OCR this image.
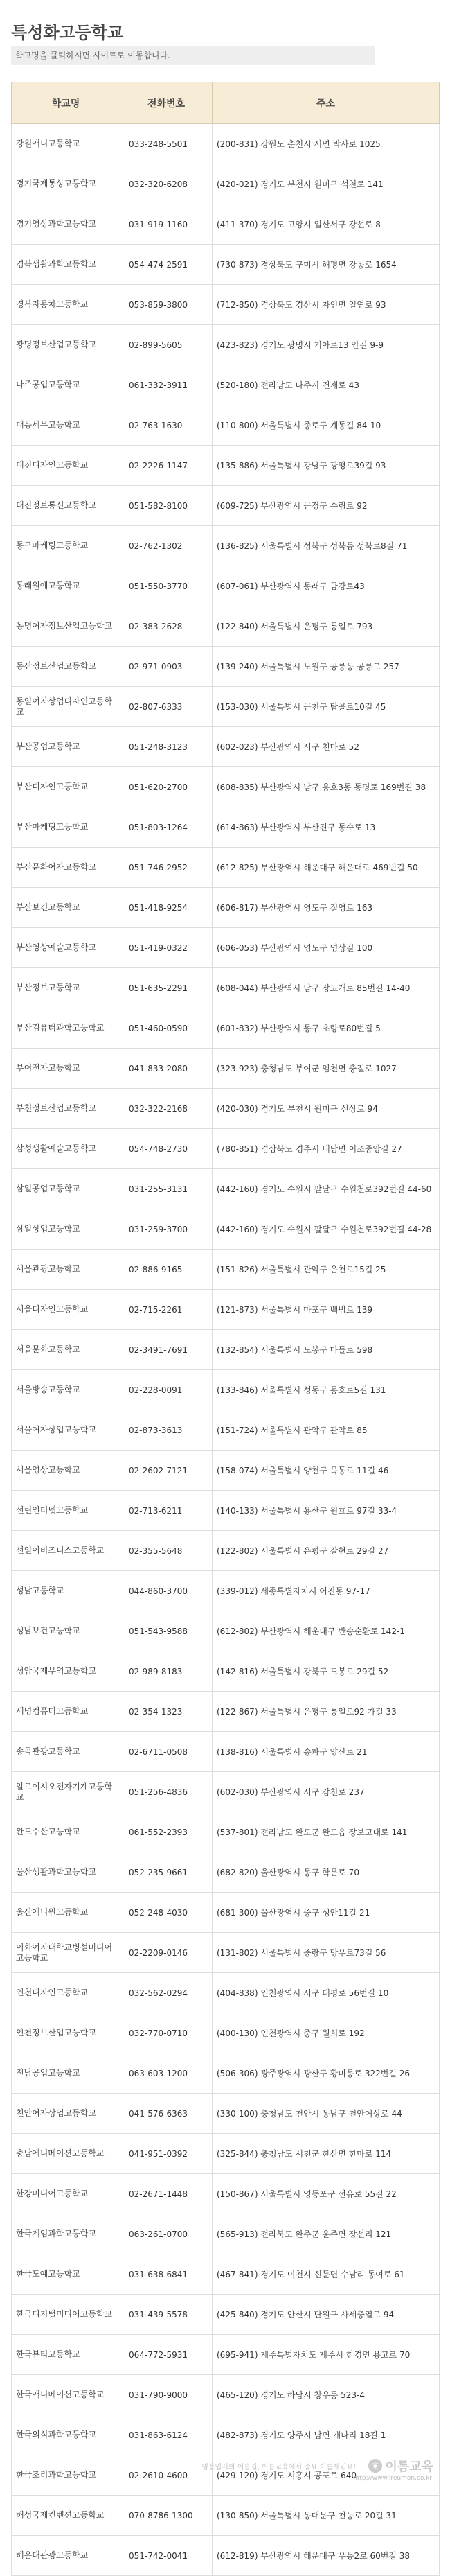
특성화고등학교
학교명을 클릭하시면 사이트로 이동합니다.
학교명	전화번호	주소
강원애니고등학교	033-248-5501	(200-831) 강원도 춘천시 서면 박사로 1025
경기국제통상고등학교	032-320-6208	(420-021) 경기도 부천시 원미구 석천로 141
경기영상과학고등학교	031-919-1160	(411-370) 경기도 고양시 일산서구 강선로 8
경북생활과학고등학교	054-474-2591	(730-873) 경상북도 구미시 해평면 강동로 1654
경북자동차고등학교	053-859-3800	(712-850) 경상북도 경산시 자인면 일연로 93
광명정보산업고등학교	02-899-5605	(423-823) 경기도 광명시 기아로13 안길 9-9
나주공업고등학교	061-332-3911	(520-180) 전라남도 나주시 건재로 43
대동세무고등학교	02-763-1630	(110-800) 서울특별시 종로구 계동길 84-10
대진디자인고등학교	02-2226-1147	(135-886) 서울특별시 강남구 광평로39길 93
대진정보통신고등학교	051-582-8100	(609-725) 부산광역시 금정구 수림로 92
동구마케팅고등학교	02-762-1302	(136-825) 서울특별시 성북구 성북동 성북로8길 71
동래원예고등학교	051-550-3770	(607-061) 부산광역시 동래구 금강로43
동명여자정보산업고등학교	02-383-2628	(122-840) 서울특별시 은평구 통일로 793
동산정보산업고등학교	02-971-0903	(139-240) 서울특별시 노원구 공릉동 공릉로 257
동일여자상업디자인고등학교	02-807-6333	(153-030) 서울특별시 금천구 탑골로10길 45
부산공업고등학교	051-248-3123	(602-023) 부산광역시 서구 천마로 52
부산디자인고등학교	051-620-2700	(608-835) 부산광역시 남구 용호3동 동명로 169번길 38
부산마케팅고등학교	051-803-1264	(614-863) 부산광역시 부산진구 동수로 13
부산문화여자고등학교	051-746-2952	(612-825) 부산광역시 해운대구 해운대로 469번길 50
부산보건고등학교	051-418-9254	(606-817) 부산광역시 영도구 절영로 163
부산영상예술고등학교	051-419-0322	(606-053) 부산광역시 영도구 영상길 100
부산정보고등학교	051-635-2291	(608-044) 부산광역시 남구 장고개로 85번길 14-40
부산컴퓨터과학고등학교	051-460-0590	(601-832) 부산광역시 동구 초량로80번길 5
부여전자고등학교	041-833-2080	(323-923) 충청남도 부여군 임천면 충절로 1027
부천정보산업고등학교	032-322-2168	(420-030) 경기도 부천시 원미구 신상로 94
삼성생활예술고등학교	054-748-2730	(780-851) 경상북도 경주시 내남면 이조중앙길 27
삼일공업고등학교	031-255-3131	(442-160) 경기도 수원시 팔달구 수원천로392번길 44-60
삼일상업고등학교	031-259-3700	(442-160) 경기도 수원시 팔달구 수원천로392번길 44-28
서울관광고등학교	02-886-9165	(151-826) 서울특별시 관악구 은천로15길 25
서울디자인고등학교	02-715-2261	(121-873) 서울특별시 마포구 백범로 139
서울문화고등학교	02-3491-7691	(132-854) 서울특별시 도봉구 마들로 598
서울방송고등학교	02-228-0091	(133-846) 서울특별시 성동구 동호로5길 131
서울여자상업고등학교	02-873-3613	(151-724) 서울특별시 관악구 관악로 85
서울영상고등학교	02-2602-7121	(158-074) 서울특별시 양천구 목동로 11길 46
선린인터넷고등학교	02-713-6211	(140-133) 서울특별시 용산구 원효로 97길 33-4
선일이비즈니스고등학교	02-355-5648	(122-802) 서울특별시 은평구 갈현로 29길 27
성남고등학교	044-860-3700	(339-012) 세종특별자치시 어진동 97-17
성남보건고등학교	051-543-9588	(612-802) 부산광역시 해운대구 반송순환로 142-1
성암국제무역고등학교	02-989-8183	(142-816) 서울특별시 강북구 도봉로 29길 52
세명컴퓨터고등학교	02-354-1323	(122-867) 서울특별시 은평구 통일로92 가길 33
송곡관광고등학교	02-6711-0508	(138-816) 서울특별시 송파구 양산로 21
알로이시오전자기계고등학교	051-256-4836	(602-030) 부산광역시 서구 감천로 237
완도수산고등학교	061-552-2393	(537-801) 전라남도 완도군 완도읍 장보고대로 141
울산생활과학고등학교	052-235-9661	(682-820) 울산광역시 동구 학문로 70
울산애니원고등학교	052-248-4030	(681-300) 울산광역시 중구 성안11길 21
이화여자대학교병설미디어고등학교	02-2209-0146	(131-802) 서울특별시 중랑구 망우로73길 56
인천디자인고등학교	032-562-0294	(404-838) 인천광역시 서구 대평로 56번길 10
인천정보산업고등학교	032-770-0710	(400-130) 인천광역시 중구 월희로 192
전남공업고등학교	063-603-1200	(506-306) 광주광역시 광산구 황미동로 322번길 26
천안여자상업고등학교	041-576-6363	(330-100) 충청남도 천안시 동남구 천안여상로 44
충남에니메이션고등학교	041-951-0392	(325-844) 충청남도 서천군 한산면 한마로 114
한강미디어고등학교	02-2671-1448	(150-867) 서울특별시 영등포구 선유로 55길 22
한국게임과학고등학교	063-261-0700	(565-913) 전라북도 완주군 운주면 장선리 121
한국도예고등학교	031-638-6841	(467-841) 경기도 이천시 신둔면 수남리 동여로 61
한국디지털미디어고등학교	031-439-5578	(425-840) 경기도 안산시 단원구 사세충열로 94
한국뷰티고등학교	064-772-5931	(695-941) 제주특별자치도 제주시 한경면 용고로 70
한국애니메이션고등학교	031-790-9000	(465-120) 경기도 하남시 창우동 523-4
한국외식과학고등학교	031-863-6124	(482-873) 경기도 양주시 남면 개나리 18길 1
한국조리과학고등학교	02-2610-4600	(429-120) 경기도 시흥시 공포로 640
해성국제컨벤션고등학교	070-8786-1300	(130-850) 서울특별시 동대문구 천농로 20길 31
해운대관광고등학교	051-742-0041	(612-819) 부산광역시 해운대구 우동2로 60번길 38
명품입시의 이름길, 이름교육에서 중요 이름새워요!	❦ 이름교육
http://www.ireumon.co.kr
